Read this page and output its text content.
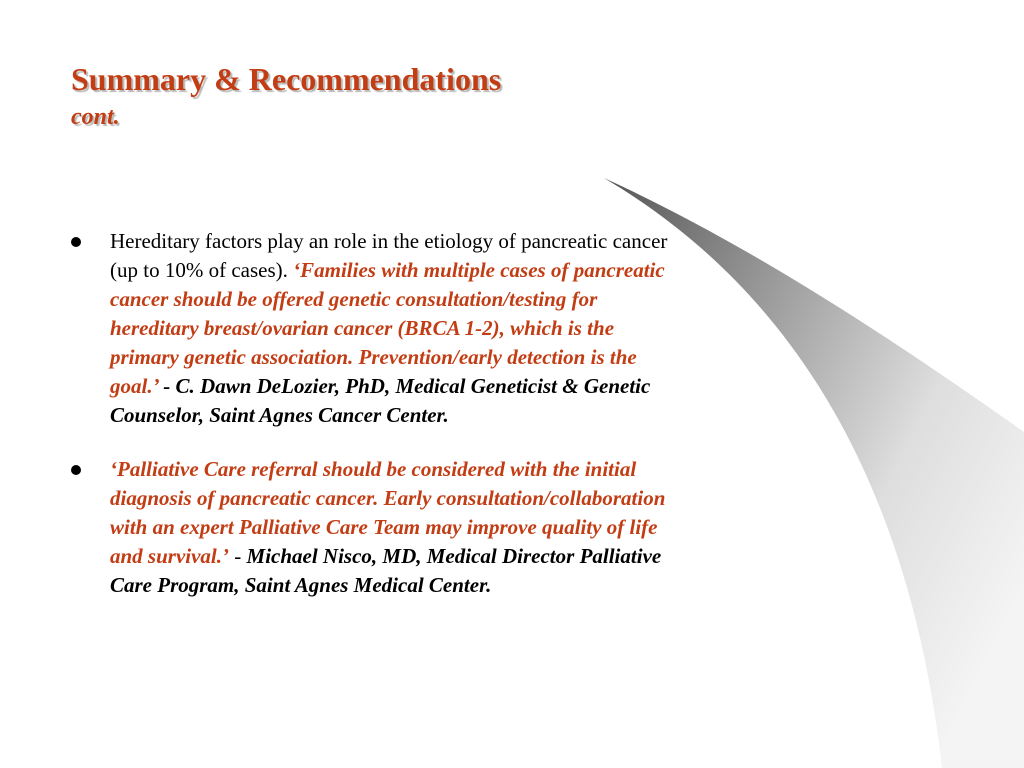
Summary & Recommendations
cont.
Hereditary factors play an role in the etiology of pancreatic cancer (up to 10% of cases). ‘Families with multiple cases of pancreatic cancer should be offered genetic consultation/testing for hereditary breast/ovarian cancer (BRCA 1-2), which is the primary genetic association. Prevention/early detection is the goal.’ - C. Dawn DeLozier, PhD, Medical Geneticist & Genetic Counselor, Saint Agnes Cancer Center.
‘Palliative Care referral should be considered with the initial diagnosis of pancreatic cancer. Early consultation/collaboration with an expert Palliative Care Team may improve quality of life and survival.’ - Michael Nisco, MD, Medical Director Palliative Care Program, Saint Agnes Medical Center.
